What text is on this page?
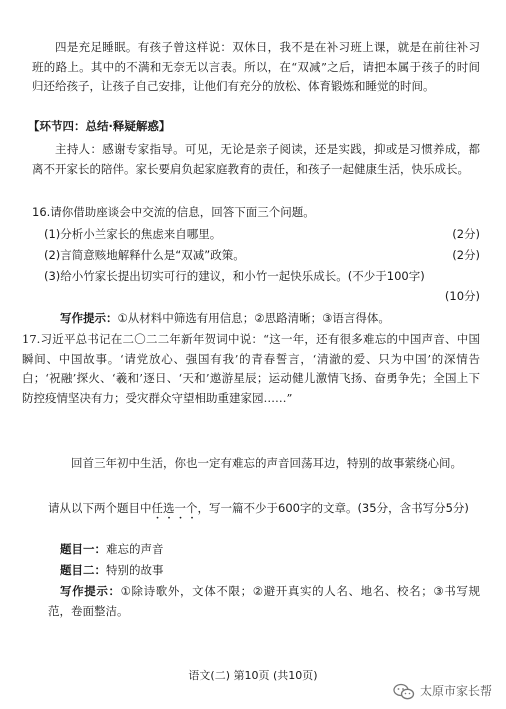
四是充足睡眠。有孩子曾这样说：双休日，我不是在补习班上课，就是在前往补习班的路上。其中的不满和无奈无以言表。所以，在“双减”之后，请把本属于孩子的时间归还给孩子，让孩子自己安排，让他们有充分的放松、体育锻炼和睡觉的时间。

【环节四：总结·释疑解惑】

主持人：感谢专家指导。可见，无论是亲子阅读，还是实践，抑或是习惯养成，都离不开家长的陪伴。家长要肩负起家庭教育的责任，和孩子一起健康生活，快乐成长。

16.请你借助座谈会中交流的信息，回答下面三个问题。
(1)分析小兰家长的焦虑来自哪里。	(2分)
(2)言简意赅地解释什么是“双减”政策。	(2分)
(3)给小竹家长提出切实可行的建议，和小竹一起快乐成长。(不少于100字)
(10分)
写作提示：①从材料中筛选有用信息；②思路清晰；③语言得体。

17.习近平总书记在二〇二二年新年贺词中说：“这一年，还有很多难忘的中国声音、中国瞬间、中国故事。‘请党放心、强国有我’的青春誓言，‘清澈的爱、只为中国’的深情告白；‘祝融’探火、‘羲和’逐日、‘天和’遨游星辰；运动健儿激情飞扬、奋勇争先；全国上下防控疫情坚决有力；受灾群众守望相助重建家园……”

回首三年初中生活，你也一定有难忘的声音回荡耳边，特别的故事萦绕心间。

请从以下两个题目中任选一个，写一篇不少于600字的文章。(35分，含书写分5分)
题目一：难忘的声音
题目二：特别的故事
写作提示：①除诗歌外，文体不限；②避开真实的人名、地名、校名；③书写规范，卷面整洁。
语文(二) 第10页 (共10页)
太原市家长帮
